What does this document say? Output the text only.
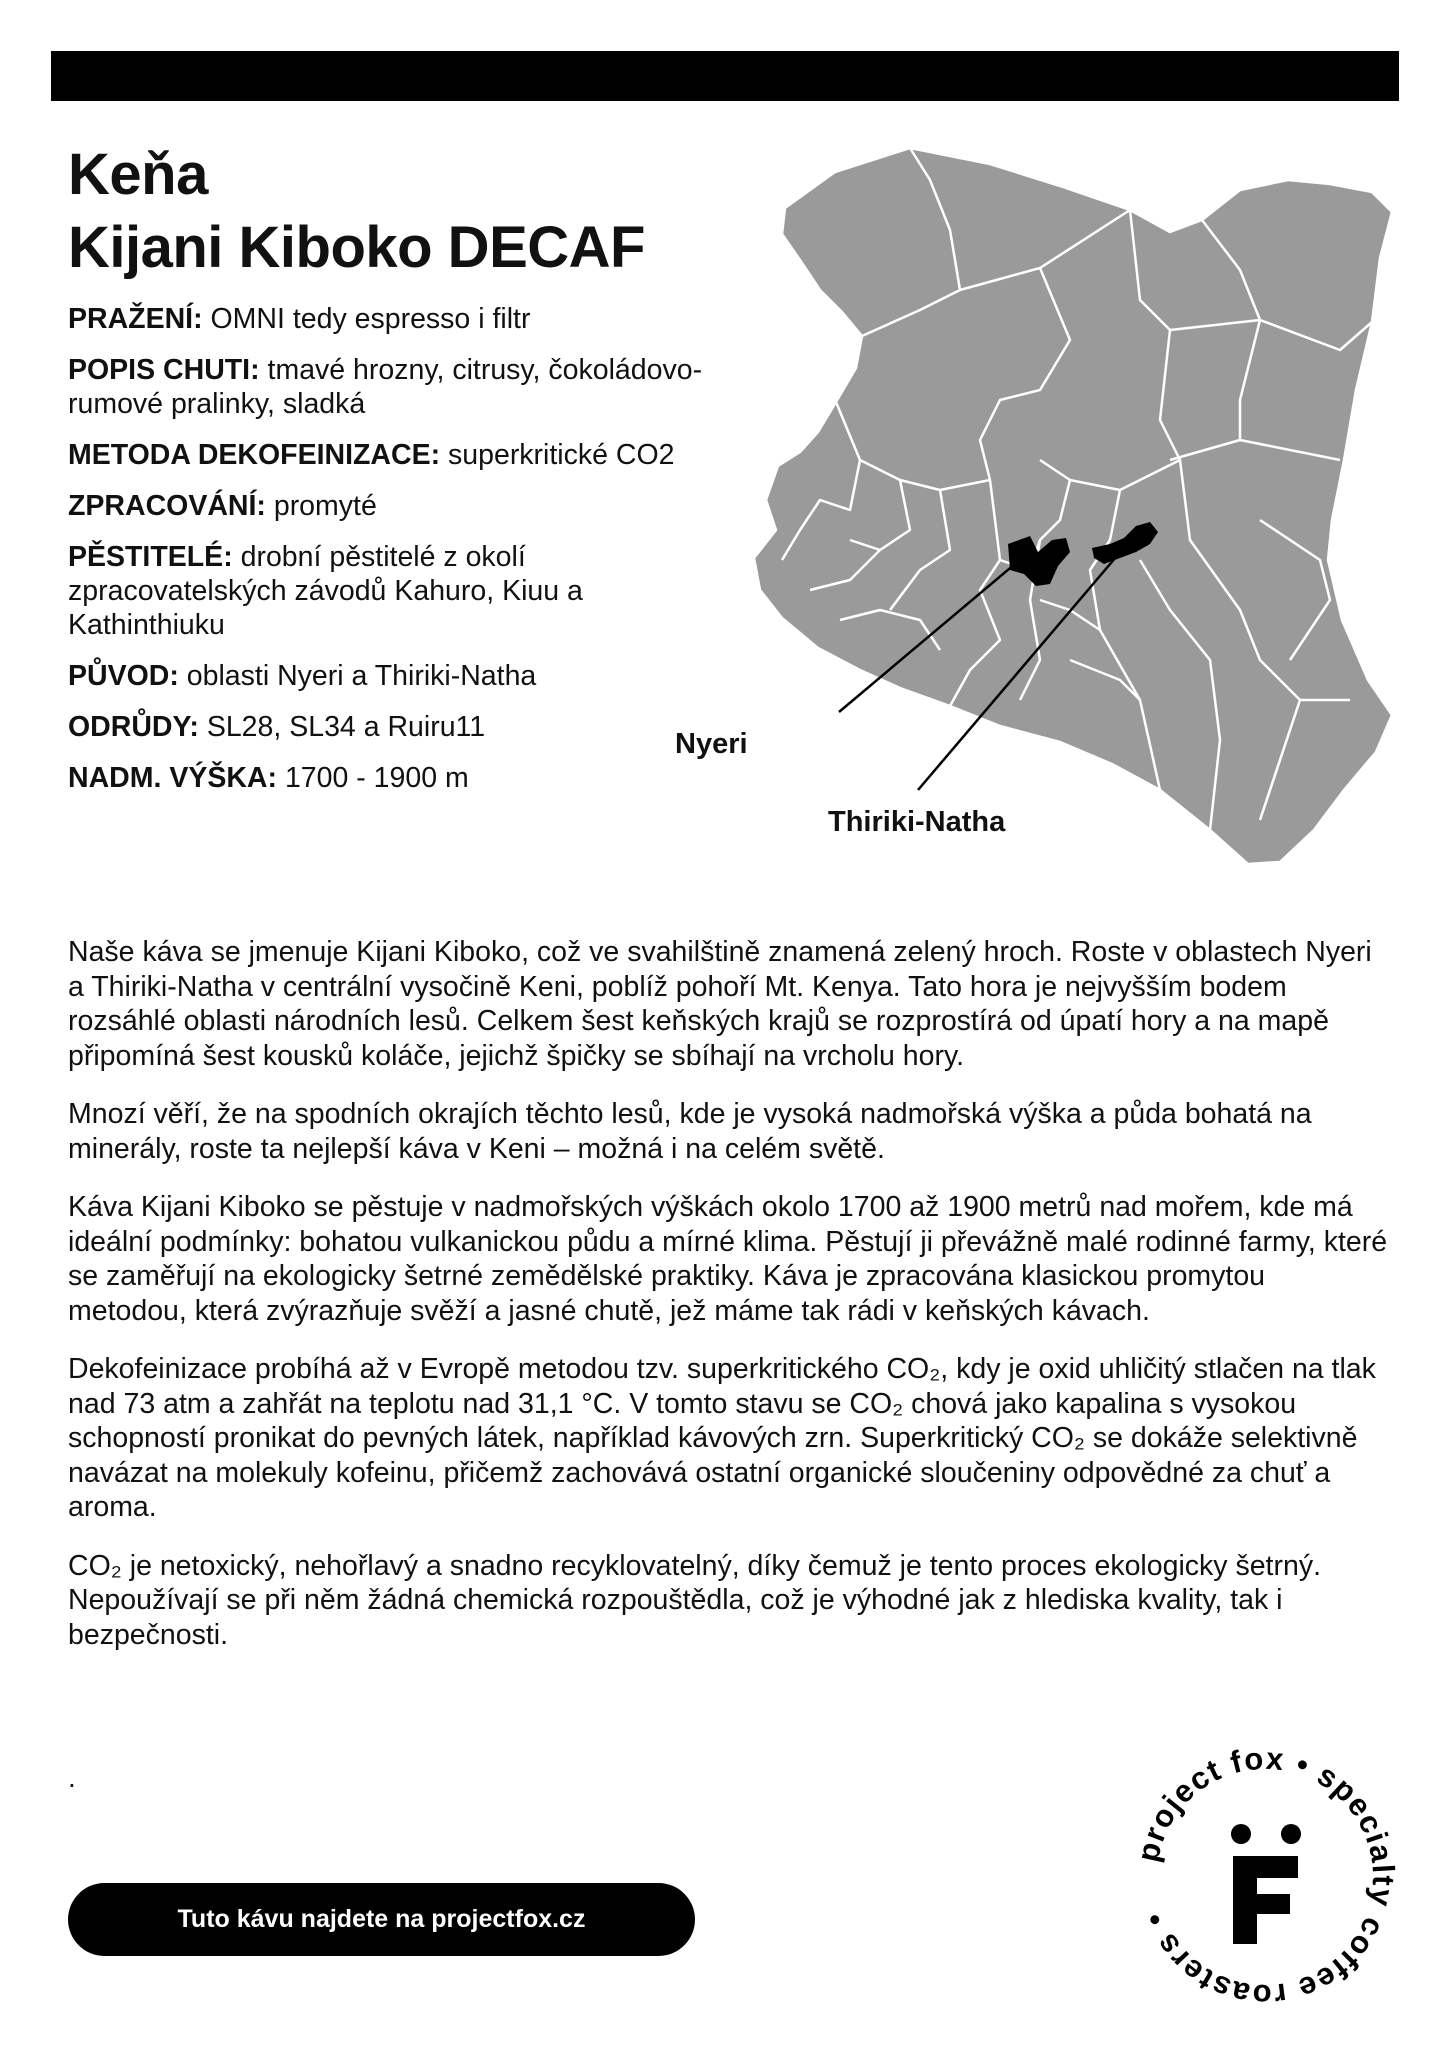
Keňa
Kijani Kiboko DECAF

PRAŽENÍ: OMNI tedy espresso i filtr

POPIS CHUTI: tmavé hrozny, citrusy, čokoládovo-rumové pralinky, sladká

METODA DEKOFEINIZACE: superkritické CO2

ZPRACOVÁNÍ: promyté

PĚSTITELÉ: drobní pěstitelé z okolí zpracovatelských závodů Kahuro, Kiuu a Kathinthiuku

PŮVOD: oblasti Nyeri a Thiriki-Natha

ODRŮDY: SL28, SL34 a Ruiru11

NADM. VÝŠKA: 1700 - 1900 m

Nyeri
Thiriki-Natha

Naše káva se jmenuje Kijani Kiboko, což ve svahilštině znamená zelený hroch. Roste v oblastech Nyeri a Thiriki-Natha v centrální vysočině Keni, poblíž pohoří Mt. Kenya. Tato hora je nejvyšším bodem rozsáhlé oblasti národních lesů. Celkem šest keňských krajů se rozprostírá od úpatí hory a na mapě připomíná šest kousků koláče, jejichž špičky se sbíhají na vrcholu hory.

Mnozí věří, že na spodních okrajích těchto lesů, kde je vysoká nadmořská výška a půda bohatá na minerály, roste ta nejlepší káva v Keni – možná i na celém světě.

Káva Kijani Kiboko se pěstuje v nadmořských výškách okolo 1700 až 1900 metrů nad mořem, kde má ideální podmínky: bohatou vulkanickou půdu a mírné klima. Pěstují ji převážně malé rodinné farmy, které se zaměřují na ekologicky šetrné zemědělské praktiky. Káva je zpracována klasickou promytou metodou, která zvýrazňuje svěží a jasné chutě, jež máme tak rádi v keňských kávach.

Dekofeinizace probíhá až v Evropě metodou tzv. superkritického CO₂, kdy je oxid uhličitý stlačen na tlak nad 73 atm a zahřát na teplotu nad 31,1 °C. V tomto stavu se CO₂ chová jako kapalina s vysokou schopností pronikat do pevných látek, například kávových zrn. Superkritický CO₂ se dokáže selektivně navázat na molekuly kofeinu, přičemž zachovává ostatní organické sloučeniny odpovědné za chuť a aroma.

CO₂ je netoxický, nehořlavý a snadno recyklovatelný, díky čemuž je tento proces ekologicky šetrný. Nepoužívají se při něm žádná chemická rozpouštědla, což je výhodné jak z hlediska kvality, tak i bezpečnosti.

.
Tuto kávu najdete na projectfox.cz
project fox • specialty coffee roasters •
